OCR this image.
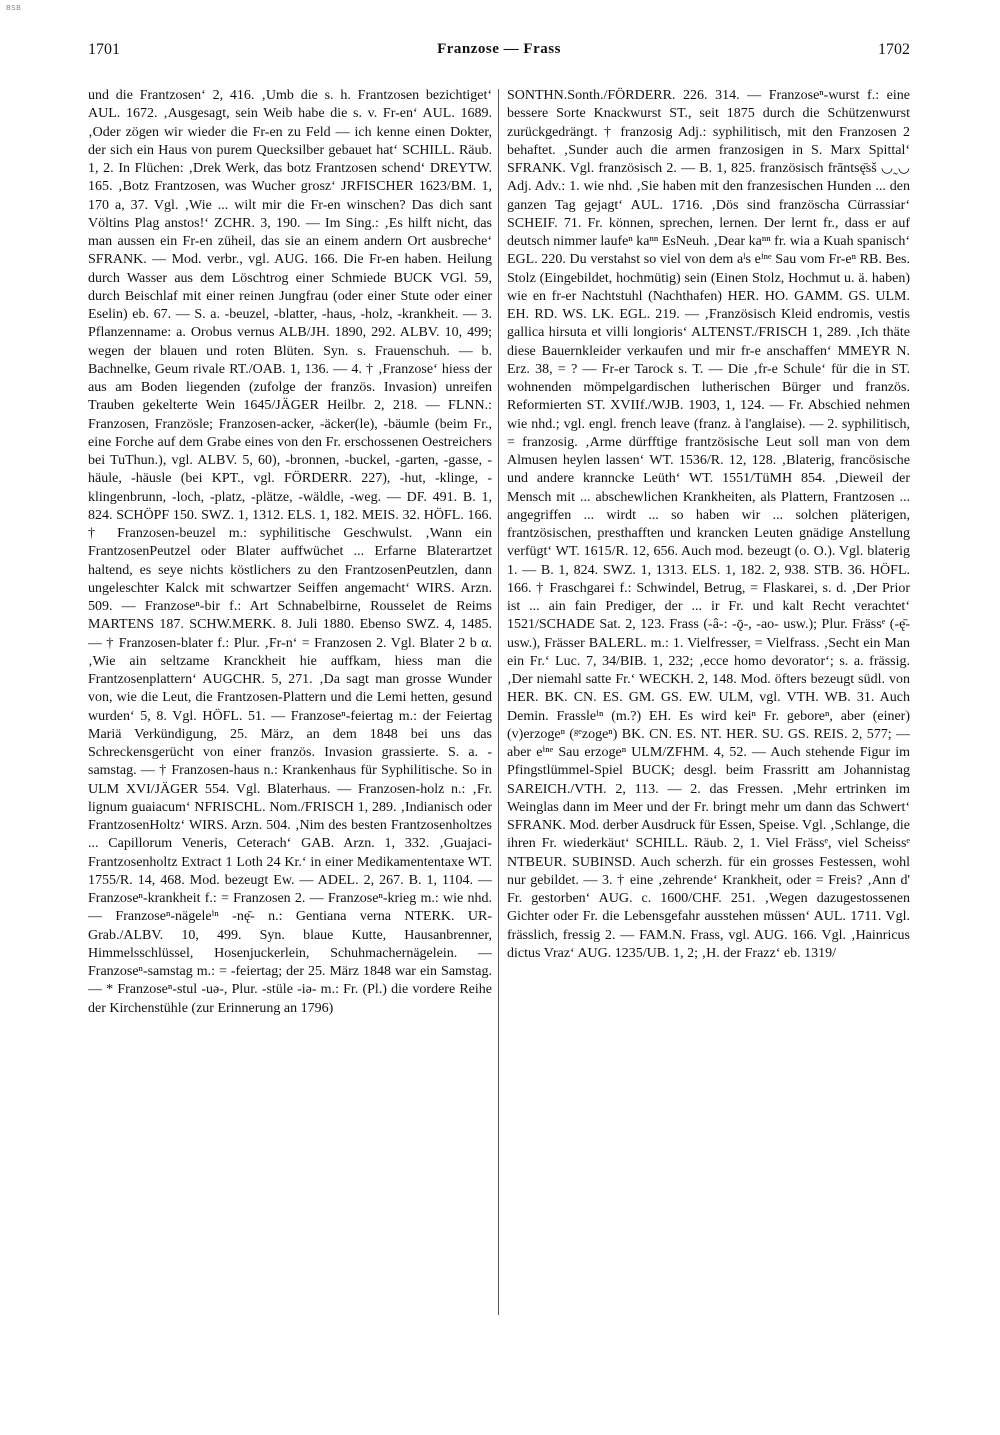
BSB
1701	Franzose — Frass	1702

und die Frantzosen‘ 2, 416. ‚Umb die s. h. Frantzosen bezichtiget‘ AUL. 1672. ‚Ausgesagt, sein Weib habe die s. v. Fr-en‘ AUL. 1689. ‚Oder zögen wir wieder die Fr-en zu Feld — ich kenne einen Dokter, der sich ein Haus von purem Quecksilber gebauet hat‘ SCHILL. Räub. 1, 2. In Flüchen: ‚Drek Werk, das botz Frantzosen schend‘ DREYTW. 165. ‚Botz Frantzosen, was Wucher grosz‘ JRFISCHER 1623/BM. 1, 170 a, 37. Vgl. ‚Wie ... wilt mir die Fr-en winschen? Das dich sant Völtins Plag anstos!‘ ZCHR. 3, 190. — Im Sing.: ‚Es hilft nicht, das man aussen ein Fr-en züheil, das sie an einem andern Ort ausbreche‘ SFRANK. — Mod. verbr., vgl. AUG. 166. Die Fr-en haben. Heilung durch Wasser aus dem Löschtrog einer Schmiede BUCK VGl. 59, durch Beischlaf mit einer reinen Jungfrau (oder einer Stute oder einer Eselin) eb. 67. — S. a. -beuzel, -blatter, -haus, -holz, -krankheit. — 3. Pflanzenname: a. Orobus vernus ALB/JH. 1890, 292. ALBV. 10, 499; wegen der blauen und roten Blüten. Syn. s. Frauenschuh. — b. Bachnelke, Geum rivale RT./OAB. 1, 136. — 4. † ‚Franzose‘ hiess der aus am Boden liegenden (zufolge der französ. Invasion) unreifen Trauben gekelterte Wein 1645/JÄGER Heilbr. 2, 218. — FLNN.: Franzosen, Französle; Franzosen-acker, -äcker(le), -bäumle (beim Fr., eine Forche auf dem Grabe eines von den Fr. erschossenen Oestreichers bei TuThun.), vgl. ALBV. 5, 60), -bronnen, -buckel, -garten, -gasse, -häule, -häusle (bei KPT., vgl. FÖRDERR. 227), -hut, -klinge, -klingenbrunn, -loch, -platz, -plätze, -wäldle, -weg. — DF. 491. B. 1, 824. SCHÖPF 150. SWZ. 1, 1312. ELS. 1, 182. MEIS. 32. HÖFL. 166. † Franzosen-beuzel m.: syphilitische Geschwulst. ‚Wann ein FrantzosenPeutzel oder Blater auffwüchet ... Erfarne Blaterartzet haltend, es seye nichts köstlichers zu den FrantzosenPeutzlen, dann ungeleschter Kalck mit schwartzer Seiffen angemacht‘ WIRS. Arzn. 509. — Franzoseⁿ-bir f.: Art Schnabelbirne, Rousselet de Reims MARTENS 187. SCHW.MERK. 8. Juli 1880. Ebenso SWZ. 4, 1485. — † Franzosen-blater f.: Plur. ‚Fr-n‘ = Franzosen 2. Vgl. Blater 2 b α. ‚Wie ain seltzame Kranckheit hie auffkam, hiess man die Frantzosenplattern‘ AUGCHR. 5, 271. ‚Da sagt man grosse Wunder von, wie die Leut, die Frantzosen-Plattern und die Lemi hetten, gesund wurden‘ 5, 8. Vgl. HÖFL. 51. — Franzoseⁿ-feiertag m.: der Feiertag Mariä Verkündigung, 25. März, an dem 1848 bei uns das Schreckensgerücht von einer französ. Invasion grassierte. S. a. -samstag. — † Franzosen-haus n.: Krankenhaus für Syphilitische. So in ULM XVI/JÄGER 554. Vgl. Blaterhaus. — Franzosen-holz n.: ‚Fr. lignum guaiacum‘ NFRISCHL. Nom./FRISCH 1, 289. ‚Indianisch oder FrantzosenHoltz‘ WIRS. Arzn. 504. ‚Nim des besten Frantzosenholtzes ... Capillorum Veneris, Ceterach‘ GAB. Arzn. 1, 332. ‚Guajaci-Frantzosenholtz Extract 1 Loth 24 Kr.‘ in einer Medikamententaxe WT. 1755/R. 14, 468. Mod. bezeugt Ew. — ADEL. 2, 267. B. 1, 1104. — Franzoseⁿ-krankheit f.: = Franzosen 2. — Franzoseⁿ-krieg m.: wie nhd. — Franzoseⁿ-nägeleⁱⁿ -nę̄- n.: Gentiana verna NTERK. UR-Grab./ALBV. 10, 499. Syn. blaue Kutte, Hausanbrenner, Himmelsschlüssel, Hosenjuckerlein, Schuhmachernägelein. — Franzoseⁿ-samstag m.: = -feiertag; der 25. März 1848 war ein Samstag. — * Franzoseⁿ-stul -uə-, Plur. -stüle -iə- m.: Fr. (Pl.) die vordere Reihe der Kirchenstühle (zur Erinnerung an 1796)

SONTHN.Sonth./FÖRDERR. 226. 314. — Franzoseⁿ-wurst f.: eine bessere Sorte Knackwurst ST., seit 1875 durch die Schützenwurst zurückgedrängt. † franzosig Adj.: syphilitisch, mit den Franzosen 2 behaftet. ‚Sunder auch die armen franzosigen in S. Marx Spittal‘ SFRANK. Vgl. französisch 2. — B. 1, 825. französisch frāntsę̄sš ◡˷◡ Adj. Adv.: 1. wie nhd. ‚Sie haben mit den franzesischen Hunden ... den ganzen Tag gejagt‘ AUL. 1716. ‚Dös sind französcha Cürrassiar‘ SCHEIF. 71. Fr. können, sprechen, lernen. Der lernt fr., dass er auf deutsch nimmer laufeⁿ kaⁿⁿ EsNeuh. ‚Dear kaⁿⁿ fr. wia a Kuah spanisch‘ EGL. 220. Du verstahst so viel von dem aˡs eⁱⁿᵉ Sau vom Fr-eⁿ RB. Bes. Stolz (Eingebildet, hochmütig) sein (Einen Stolz, Hochmut u. ä. haben) wie en fr-er Nachtstuhl (Nachthafen) HER. HO. GAMM. GS. ULM. EH. RD. WS. LK. EGL. 219. — ‚Französisch Kleid endromis, vestis gallica hirsuta et villi longioris‘ ALTENST./FRISCH 1, 289. ‚Ich thäte diese Bauernkleider verkaufen und mir fr-e anschaffen‘ MMEYR N. Erz. 38, = ? — Fr-er Tarock s. T. — Die ‚fr-e Schule‘ für die in ST. wohnenden mömpelgardischen lutherischen Bürger und französ. Reformierten ST. XVIIf./WJB. 1903, 1, 124. — Fr. Abschied nehmen wie nhd.; vgl. engl. french leave (franz. à l'anglaise). — 2. syphilitisch, = franzosig. ‚Arme dürfftige frantzösische Leut soll man von dem Almusen heylen lassen‘ WT. 1536/R. 12, 128. ‚Blaterig, francösische und andere kranncke Leüth‘ WT. 1551/TüMH 854. ‚Dieweil der Mensch mit ... abschewlichen Krankheiten, als Plattern, Frantzosen ... angegriffen ... wirdt ... so haben wir ... solchen pläterigen, frantzösischen, presthafften und krancken Leuten gnädige Anstellung verfügt‘ WT. 1615/R. 12, 656. Auch mod. bezeugt (o. O.). Vgl. blaterig 1. — B. 1, 824. SWZ. 1, 1313. ELS. 1, 182. 2, 938. STB. 36. HÖFL. 166. † Fraschgarei f.: Schwindel, Betrug, = Flaskarei, s. d. ‚Der Prior ist ... ain fain Prediger, der ... ir Fr. und kalt Recht verachtet‘ 1521/SCHADE Sat. 2, 123. Frass (-â-: -ǭ-, -ao- usw.); Plur. Frässᵉ (-ę̄- usw.), Frässer BALERL. m.: 1. Vielfresser, = Vielfrass. ‚Secht ein Man ein Fr.‘ Luc. 7, 34/BIB. 1, 232; ‚ecce homo devorator‘; s. a. frässig. ‚Der niemahl satte Fr.‘ WECKH. 2, 148. Mod. öfters bezeugt südl. von HER. BK. CN. ES. GM. GS. EW. ULM, vgl. VTH. WB. 31. Auch Demin. Frassleⁱⁿ (m.?) EH. Es wird keiⁿ Fr. geboreⁿ, aber (einer) (v)erzogeⁿ (ᵍᵉzogeⁿ) BK. CN. ES. NT. HER. SU. GS. REIS. 2, 577; — aber eⁱⁿᵉ Sau erzogeⁿ ULM/ZFHM. 4, 52. — Auch stehende Figur im Pfingstlümmel-Spiel BUCK; desgl. beim Frassritt am Johannistag SAREICH./VTH. 2, 113. — 2. das Fressen. ‚Mehr ertrinken im Weinglas dann im Meer und der Fr. bringt mehr um dann das Schwert‘ SFRANK. Mod. derber Ausdruck für Essen, Speise. Vgl. ‚Schlange, die ihren Fr. wiederkäut‘ SCHILL. Räub. 2, 1. Viel Frässᵉ, viel Scheissᵉ NTBEUR. SUBINSD. Auch scherzh. für ein grosses Festessen, wohl nur gebildet. — 3. † eine ‚zehrende‘ Krankheit, oder = Freis? ‚Ann d' Fr. gestorben‘ AUG. c. 1600/CHF. 251. ‚Wegen dazugestossenen Gichter oder Fr. die Lebensgefahr ausstehen müssen‘ AUL. 1711. Vgl. frässlich, fressig 2. — FAM.N. Frass, vgl. AUG. 166. Vgl. ‚Hainricus dictus Vraz‘ AUG. 1235/UB. 1, 2; ‚H. der Frazz‘ eb. 1319/
